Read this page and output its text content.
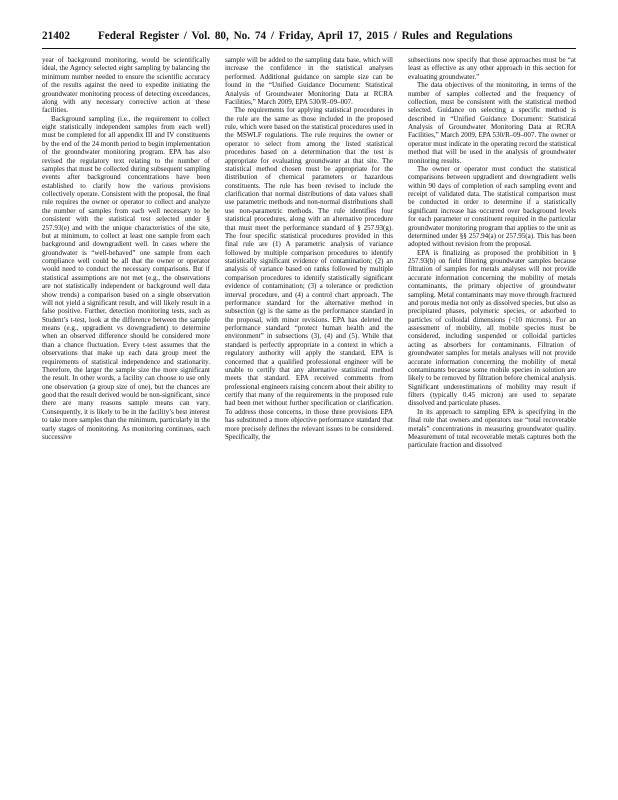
21402	Federal Register / Vol. 80, No. 74 / Friday, April 17, 2015 / Rules and Regulations

year of background monitoring, would be scientifically ideal, the Agency selected eight sampling by balancing the minimum number needed to ensure the scientific accuracy of the results against the need to expedite initiating the groundwater monitoring process of detecting exceedances, along with any necessary corrective action at these facilities.

Background sampling (i.e., the requirement to collect eight statistically independent samples from each well) must be completed for all appendix III and IV constituents by the end of the 24 month period to begin implementation of the groundwater monitoring program. EPA has also revised the regulatory text relating to the number of samples that must be collected during subsequent sampling events after background concentrations have been established to clarify how the various provisions collectively operate. Consistent with the proposal, the final rule requires the owner or operator to collect and analyze the number of samples from each well necessary to be consistent with the statistical test selected under § 257.93(e) and with the unique characteristics of the site, but at minimum, to collect at least one sample from each background and downgradient well. In cases where the groundwater is “well-behaved” one sample from each compliance well could be all that the owner or operator would need to conduct the necessary comparisons. But if statistical assumptions are not met (e.g., the observations are not statistically independent or background well data show trends) a comparison based on a single observation will not yield a significant result, and will likely result in a false positive. Further, detection monitoring tests, such as Student’s t-test, look at the difference between the sample means (e.g., upgradient vs downgradient) to determine when an observed difference should be considered more than a chance fluctuation. Every t-test assumes that the observations that make up each data group meet the requirements of statistical independence and stationarity. Therefore, the larger the sample size the more significant the result. In other words, a facility can choose to use only one observation (a group size of one), but the chances are good that the result derived would be non-significant, since there are many reasons sample means can vary. Consequently, it is likely to be in the facility’s best interest to take more samples than the minimum, particularly in the early stages of monitoring. As monitoring continues, each successive

sample will be added to the sampling data base, which will increase the confidence in the statistical analyses performed. Additional guidance on sample size can be found in the “Unified Guidance Document: Statistical Analysis of Groundwater Monitoring Data at RCRA Facilities,” March 2009, EPA 530/R–09–007.

The requirements for applying statistical procedures in the rule are the same as those included in the proposed rule, which were based on the statistical procedures used in the MSWLF regulations. The rule requires the owner or operator to select from among the listed statistical procedures based on a determination that the test is appropriate for evaluating groundwater at that site. The statistical method chosen must be appropriate for the distribution of chemical parameters or hazardous constituents. The rule has been revised to include the clarification that normal distributions of data values shall use parametric methods and non-normal distributions shall use non-parametric methods. The rule identifies four statistical procedures, along with an alternative procedure that must meet the performance standard of § 257.93(g). The four specific statistical procedures provided in this final rule are (1) A parametric analysis of variance followed by multiple comparison procedures to identify statistically significant evidence of contamination; (2) an analysis of variance based on ranks followed by multiple comparison procedures to identify statistically significant evidence of contamination; (3) a tolerance or prediction interval procedure, and (4) a control chart approach. The performance standard for the alternative method in subsection (g) is the same as the performance standard in the proposal, with minor revisions. EPA has deleted the performance standard “protect human health and the environment” in subsections (3), (4) and (5). While that standard is perfectly appropriate in a context in which a regulatory authority will apply the standard, EPA is concerned that a qualified professional engineer will be unable to certify that any alternative statistical method meets that standard. EPA received comments from professional engineers raising concern about their ability to certify that many of the requirements in the proposed rule had been met without further specification or clarification. To address those concerns, in those three provisions EPA has substituted a more objective performance standard that more precisely defines the relevant issues to be considered. Specifically, the

subsections now specify that those approaches must be “at least as effective as any other approach in this section for evaluating groundwater.”

The data objectives of the monitoring, in terms of the number of samples collected and the frequency of collection, must be consistent with the statistical method selected. Guidance on selecting a specific method is described in “Unified Guidance Document: Statistical Analysis of Groundwater Monitoring Data at RCRA Facilities,” March 2009, EPA 530/R–09–007. The owner or operator must indicate in the operating record the statistical method that will be used in the analysis of groundwater monitoring results.

The owner or operator must conduct the statistical comparisons between upgradient and downgradient wells within 90 days of completion of each sampling event and receipt of validated data. The statistical comparison must be conducted in order to determine if a statistically significant increase has occurred over background levels for each parameter or constituent required in the particular groundwater monitoring program that applies to the unit as determined under §§ 257.94(a) or 257.95(a). This has been adopted without revision from the proposal.

EPA is finalizing as proposed the prohibition in § 257.93(b) on field filtering groundwater samples because filtration of samples for metals analyses will not provide accurate information concerning the mobility of metals contaminants, the primary objective of groundwater sampling. Metal contaminants may move through fractured and porous media not only as dissolved species, but also as precipitated phases, polymeric species, or adsorbed to particles of colloidal dimensions (<10 microns). For an assessment of mobility, all mobile species must be considered, including suspended or colloidal particles acting as absorbers for contaminants. Filtration of groundwater samples for metals analyses will not provide accurate information concerning the mobility of metal contaminants because some mobile species in solution are likely to be removed by filtration before chemical analysis. Significant underestimations of mobility may result if filters (typically 0.45 micron) are used to separate dissolved and particulate phases.

In its approach to sampling EPA is specifying in the final rule that owners and operators use “total recoverable metals” concentrations in measuring groundwater quality. Measurement of total recoverable metals captures both the particulate fraction and dissolved
